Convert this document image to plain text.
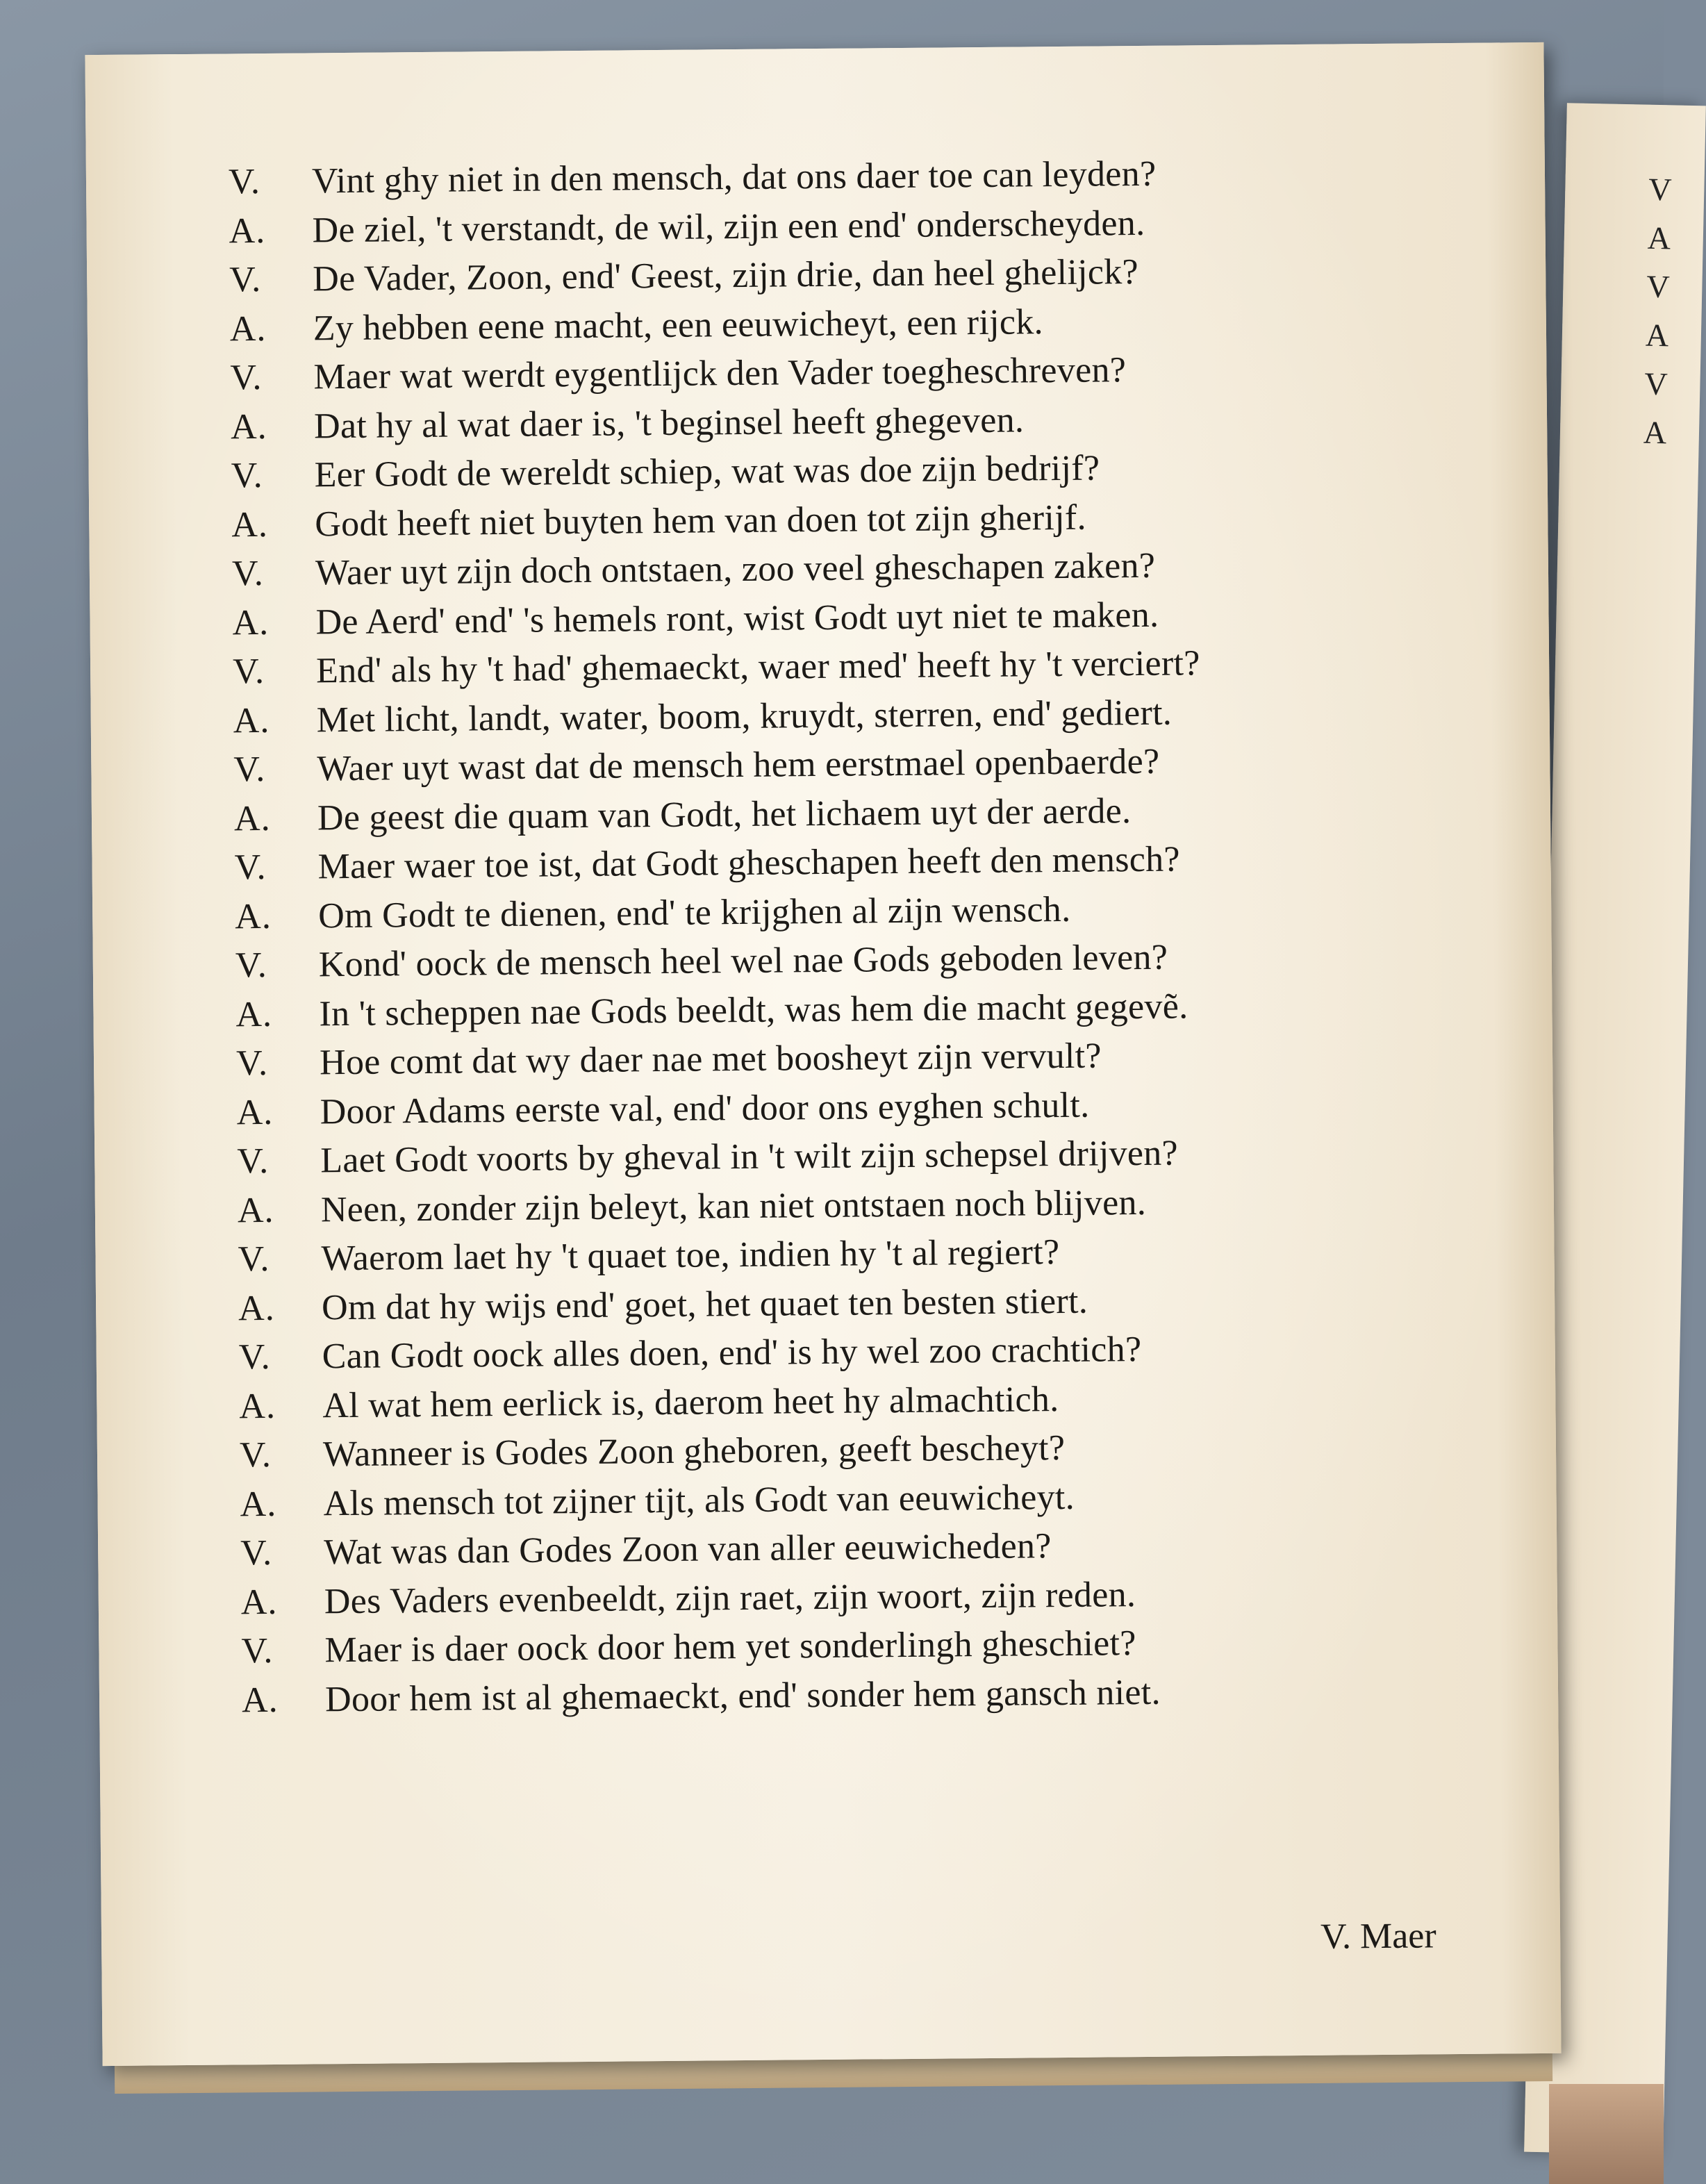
V
A
V
A
V
A
V. Vint ghy niet in den mensch, dat ons daer toe can leyden?
A. De ziel, 't verstandt, de wil, zijn een end' onderscheyden.
V. De Vader, Zoon, end' Geest, zijn drie, dan heel ghelijck?
A. Zy hebben eene macht, een eeuwicheyt, een rijck.
V. Maer wat werdt eygentlijck den Vader toegheschreven?
A. Dat hy al wat daer is, 't beginsel heeft ghegeven.
V. Eer Godt de wereldt schiep, wat was doe zijn bedrijf?
A. Godt heeft niet buyten hem van doen tot zijn gherijf.
V. Waer uyt zijn doch ontstaen, zoo veel gheschapen zaken?
A. De Aerd' end' 's hemels ront, wist Godt uyt niet te maken.
V. End' als hy 't had' ghemaeckt, waer med' heeft hy 't verciert?
A. Met licht, landt, water, boom, kruydt, sterren, end' gediert.
V. Waer uyt wast dat de mensch hem eerstmael openbaerde?
A. De geest die quam van Godt, het lichaem uyt der aerde.
V. Maer waer toe ist, dat Godt gheschapen heeft den mensch?
A. Om Godt te dienen, end' te krijghen al zijn wensch.
V. Kond' oock de mensch heel wel nae Gods geboden leven?
A. In 't scheppen nae Gods beeldt, was hem die macht gegevẽ.
V. Hoe comt dat wy daer nae met boosheyt zijn vervult?
A. Door Adams eerste val, end' door ons eyghen schult.
V. Laet Godt voorts by gheval in 't wilt zijn schepsel drijven?
A. Neen, zonder zijn beleyt, kan niet ontstaen noch blijven.
V. Waerom laet hy 't quaet toe, indien hy 't al regiert?
A. Om dat hy wijs end' goet, het quaet ten besten stiert.
V. Can Godt oock alles doen, end' is hy wel zoo crachtich?
A. Al wat hem eerlick is, daerom heet hy almachtich.
V. Wanneer is Godes Zoon gheboren, geeft bescheyt?
A. Als mensch tot zijner tijt, als Godt van eeuwicheyt.
V. Wat was dan Godes Zoon van aller eeuwicheden?
A. Des Vaders evenbeeldt, zijn raet, zijn woort, zijn reden.
V. Maer is daer oock door hem yet sonderlingh gheschiet?
A. Door hem ist al ghemaeckt, end' sonder hem gansch niet.
V. Maer
